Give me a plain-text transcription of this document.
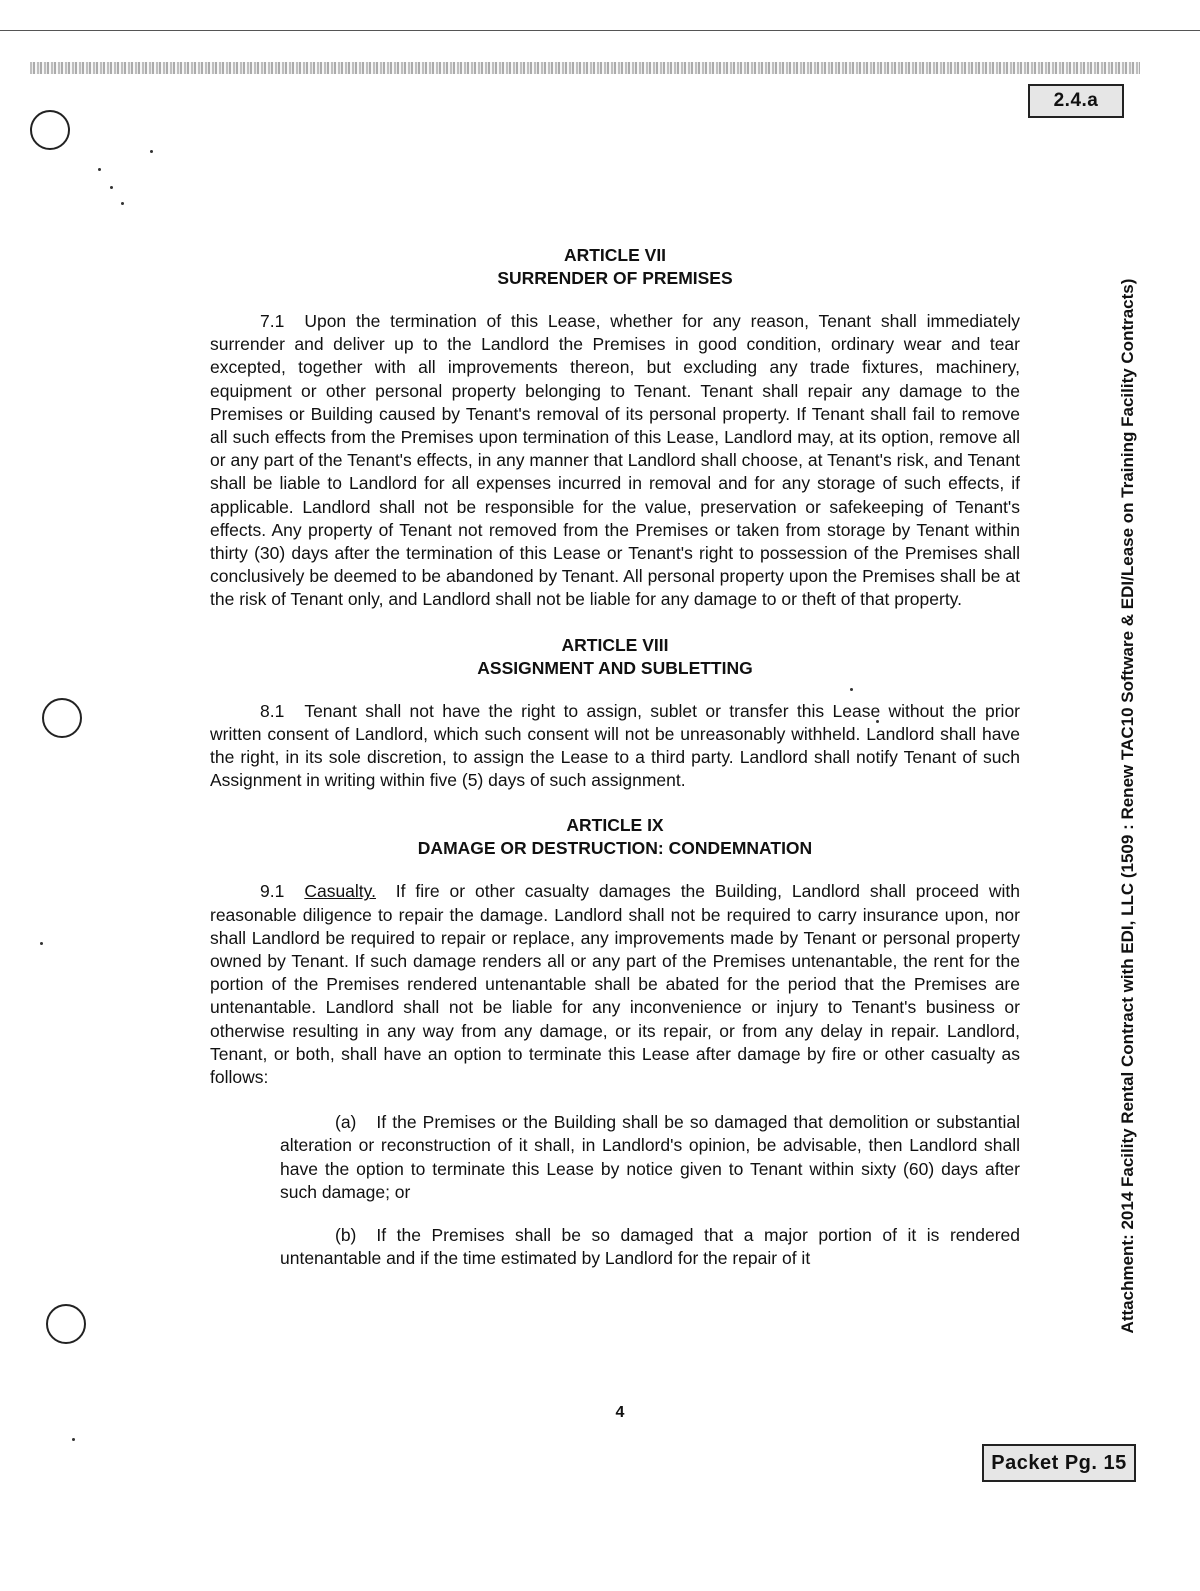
2.4.a
Attachment: 2014 Facility Rental Contract with EDI, LLC (1509 : Renew TAC10 Software & EDI/Lease on Training Facility Contracts)

ARTICLE VII

SURRENDER OF PREMISES

7.1 Upon the termination of this Lease, whether for any reason, Tenant shall immediately surrender and deliver up to the Landlord the Premises in good condition, ordinary wear and tear excepted, together with all improvements thereon, but excluding any trade fixtures, machinery, equipment or other personal property belonging to Tenant. Tenant shall repair any damage to the Premises or Building caused by Tenant's removal of its personal property. If Tenant shall fail to remove all such effects from the Premises upon termination of this Lease, Landlord may, at its option, remove all or any part of the Tenant's effects, in any manner that Landlord shall choose, at Tenant's risk, and Tenant shall be liable to Landlord for all expenses incurred in removal and for any storage of such effects, if applicable. Landlord shall not be responsible for the value, preservation or safekeeping of Tenant's effects. Any property of Tenant not removed from the Premises or taken from storage by Tenant within thirty (30) days after the termination of this Lease or Tenant's right to possession of the Premises shall conclusively be deemed to be abandoned by Tenant. All personal property upon the Premises shall be at the risk of Tenant only, and Landlord shall not be liable for any damage to or theft of that property.

ARTICLE VIII

ASSIGNMENT AND SUBLETTING

8.1 Tenant shall not have the right to assign, sublet or transfer this Lease without the prior written consent of Landlord, which such consent will not be unreasonably withheld. Landlord shall have the right, in its sole discretion, to assign the Lease to a third party. Landlord shall notify Tenant of such Assignment in writing within five (5) days of such assignment.

ARTICLE IX

DAMAGE OR DESTRUCTION: CONDEMNATION

9.1 Casualty. If fire or other casualty damages the Building, Landlord shall proceed with reasonable diligence to repair the damage. Landlord shall not be required to carry insurance upon, nor shall Landlord be required to repair or replace, any improvements made by Tenant or personal property owned by Tenant. If such damage renders all or any part of the Premises untenantable, the rent for the portion of the Premises rendered untenantable shall be abated for the period that the Premises are untenantable. Landlord shall not be liable for any inconvenience or injury to Tenant's business or otherwise resulting in any way from any damage, or its repair, or from any delay in repair. Landlord, Tenant, or both, shall have an option to terminate this Lease after damage by fire or other casualty as follows:

(a) If the Premises or the Building shall be so damaged that demolition or substantial alteration or reconstruction of it shall, in Landlord's opinion, be advisable, then Landlord shall have the option to terminate this Lease by notice given to Tenant within sixty (60) days after such damage; or

(b) If the Premises shall be so damaged that a major portion of it is rendered untenantable and if the time estimated by Landlord for the repair of it

4
Packet Pg. 15
